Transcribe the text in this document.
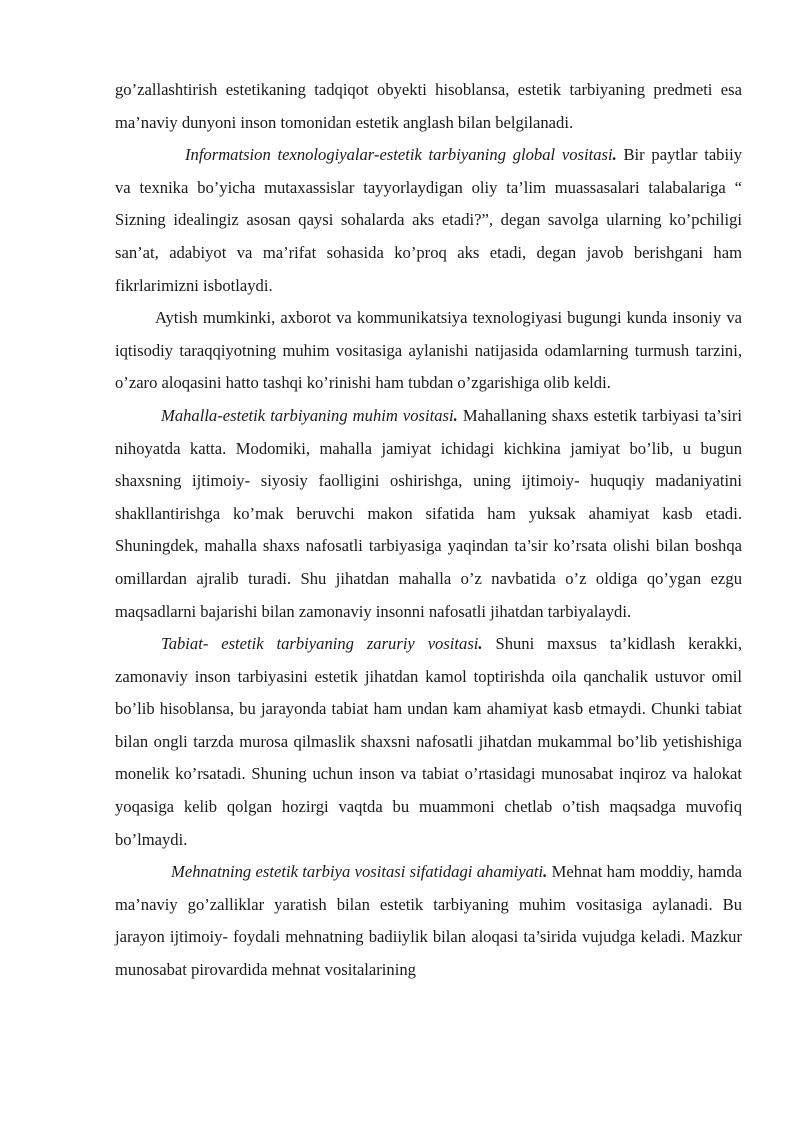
go’zallashtirish estetikaning tadqiqot obyekti hisoblansa, estetik tarbiyaning predmeti esa ma’naviy dunyoni inson tomonidan estetik anglash bilan belgilanadi.

Informatsion texnologiyalar-estetik tarbiyaning global vositasi. Bir paytlar tabiiy va texnika bo’yicha mutaxassislar tayyorlaydigan oliy ta’lim muassasalari talabalariga “ Sizning idealingiz asosan qaysi sohalarda aks etadi?”, degan savolga ularning ko’pchiligi san’at, adabiyot va ma’rifat sohasida ko’proq aks etadi, degan javob berishgani ham fikrlarimizni isbotlaydi.

Aytish mumkinki, axborot va kommunikatsiya texnologiyasi bugungi kunda insoniy va iqtisodiy taraqqiyotning muhim vositasiga aylanishi natijasida odamlarning turmush tarzini, o’zaro aloqasini hatto tashqi ko’rinishi ham tubdan o’zgarishiga olib keldi.

Mahalla-estetik tarbiyaning muhim vositasi. Mahallaning shaxs estetik tarbiyasi ta’siri nihoyatda katta. Modomiki, mahalla jamiyat ichidagi kichkina jamiyat bo’lib, u bugun shaxsning ijtimoiy- siyosiy faolligini oshirishga, uning ijtimoiy- huquqiy madaniyatini shakllantirishga ko’mak beruvchi makon sifatida ham yuksak ahamiyat kasb etadi. Shuningdek, mahalla shaxs nafosatli tarbiyasiga yaqindan ta’sir ko’rsata olishi bilan boshqa omillardan ajralib turadi. Shu jihatdan mahalla o’z navbatida o’z oldiga qo’ygan ezgu maqsadlarni bajarishi bilan zamonaviy insonni nafosatli jihatdan tarbiyalaydi.

Tabiat- estetik tarbiyaning zaruriy vositasi. Shuni maxsus ta’kidlash kerakki, zamonaviy inson tarbiyasini estetik jihatdan kamol toptirishda oila qanchalik ustuvor omil bo’lib hisoblansa, bu jarayonda tabiat ham undan kam ahamiyat kasb etmaydi. Chunki tabiat bilan ongli tarzda murosa qilmaslik shaxsni nafosatli jihatdan mukammal bo’lib yetishishiga monelik ko’rsatadi. Shuning uchun inson va tabiat o’rtasidagi munosabat inqiroz va halokat yoqasiga kelib qolgan hozirgi vaqtda bu muammoni chetlab o’tish maqsadga muvofiq bo’lmaydi.

Mehnatning estetik tarbiya vositasi sifatidagi ahamiyati. Mehnat ham moddiy, hamda ma’naviy go’zalliklar yaratish bilan estetik tarbiyaning muhim vositasiga aylanadi. Bu jarayon ijtimoiy- foydali mehnatning badiiylik bilan aloqasi ta’sirida vujudga keladi. Mazkur munosabat pirovardida mehnat vositalarining
